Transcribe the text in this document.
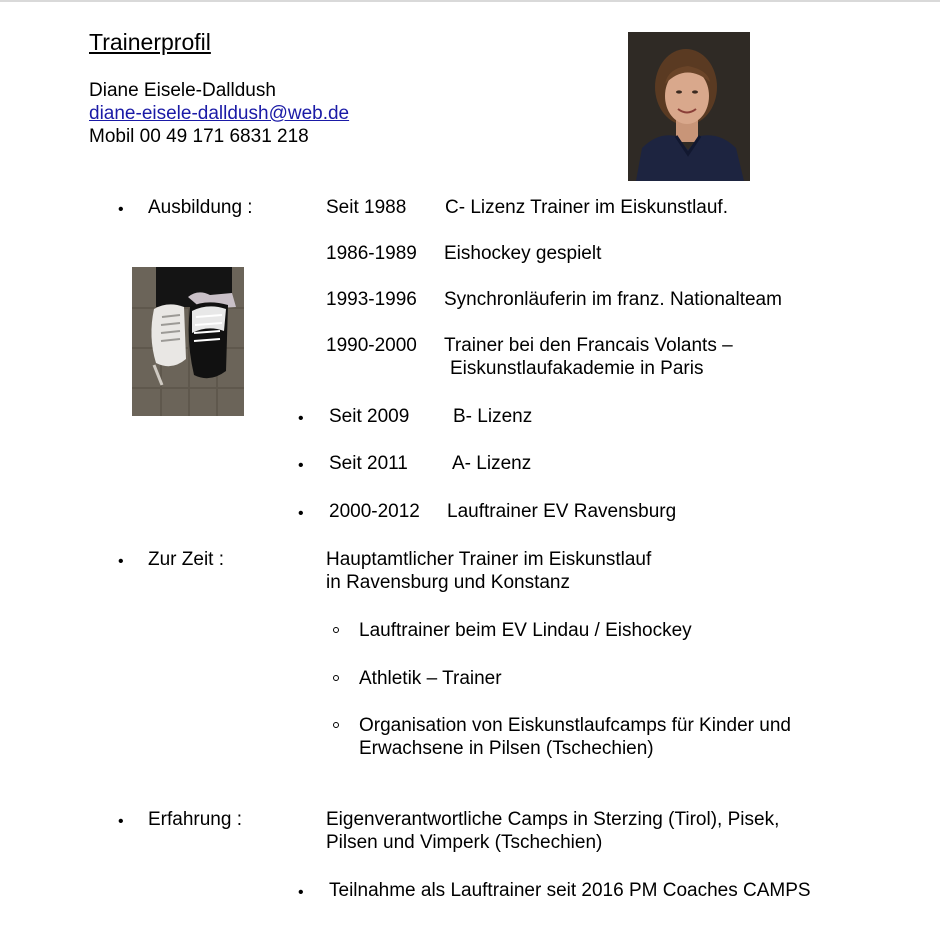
Trainerprofil
Diane Eisele-Dalldush
diane-eisele-dalldush@web.de
Mobil 00 49 171 6831 218
• Ausbildung :	Seit 1988 C- Lizenz Trainer im Eiskunstlauf.
1986-1989 Eishockey gespielt
1993-1996 Synchronläuferin im franz. Nationalteam
1990-2000 Trainer bei den Francais Volants –
Eiskunstlaufakademie in Paris
• Seit 2009 B- Lizenz
• Seit 2011 A- Lizenz
• 2000-2012 Lauftrainer EV Ravensburg
• Zur Zeit :	Hauptamtlicher Trainer im Eiskunstlauf
in Ravensburg und Konstanz
Lauftrainer beim EV Lindau / Eishockey
Athletik – Trainer
Organisation von Eiskunstlaufcamps für Kinder und
Erwachsene in Pilsen (Tschechien)
• Erfahrung :	Eigenverantwortliche Camps in Sterzing (Tirol), Pisek,
Pilsen und Vimperk (Tschechien)
• Teilnahme als Lauftrainer seit 2016 PM Coaches CAMPS
